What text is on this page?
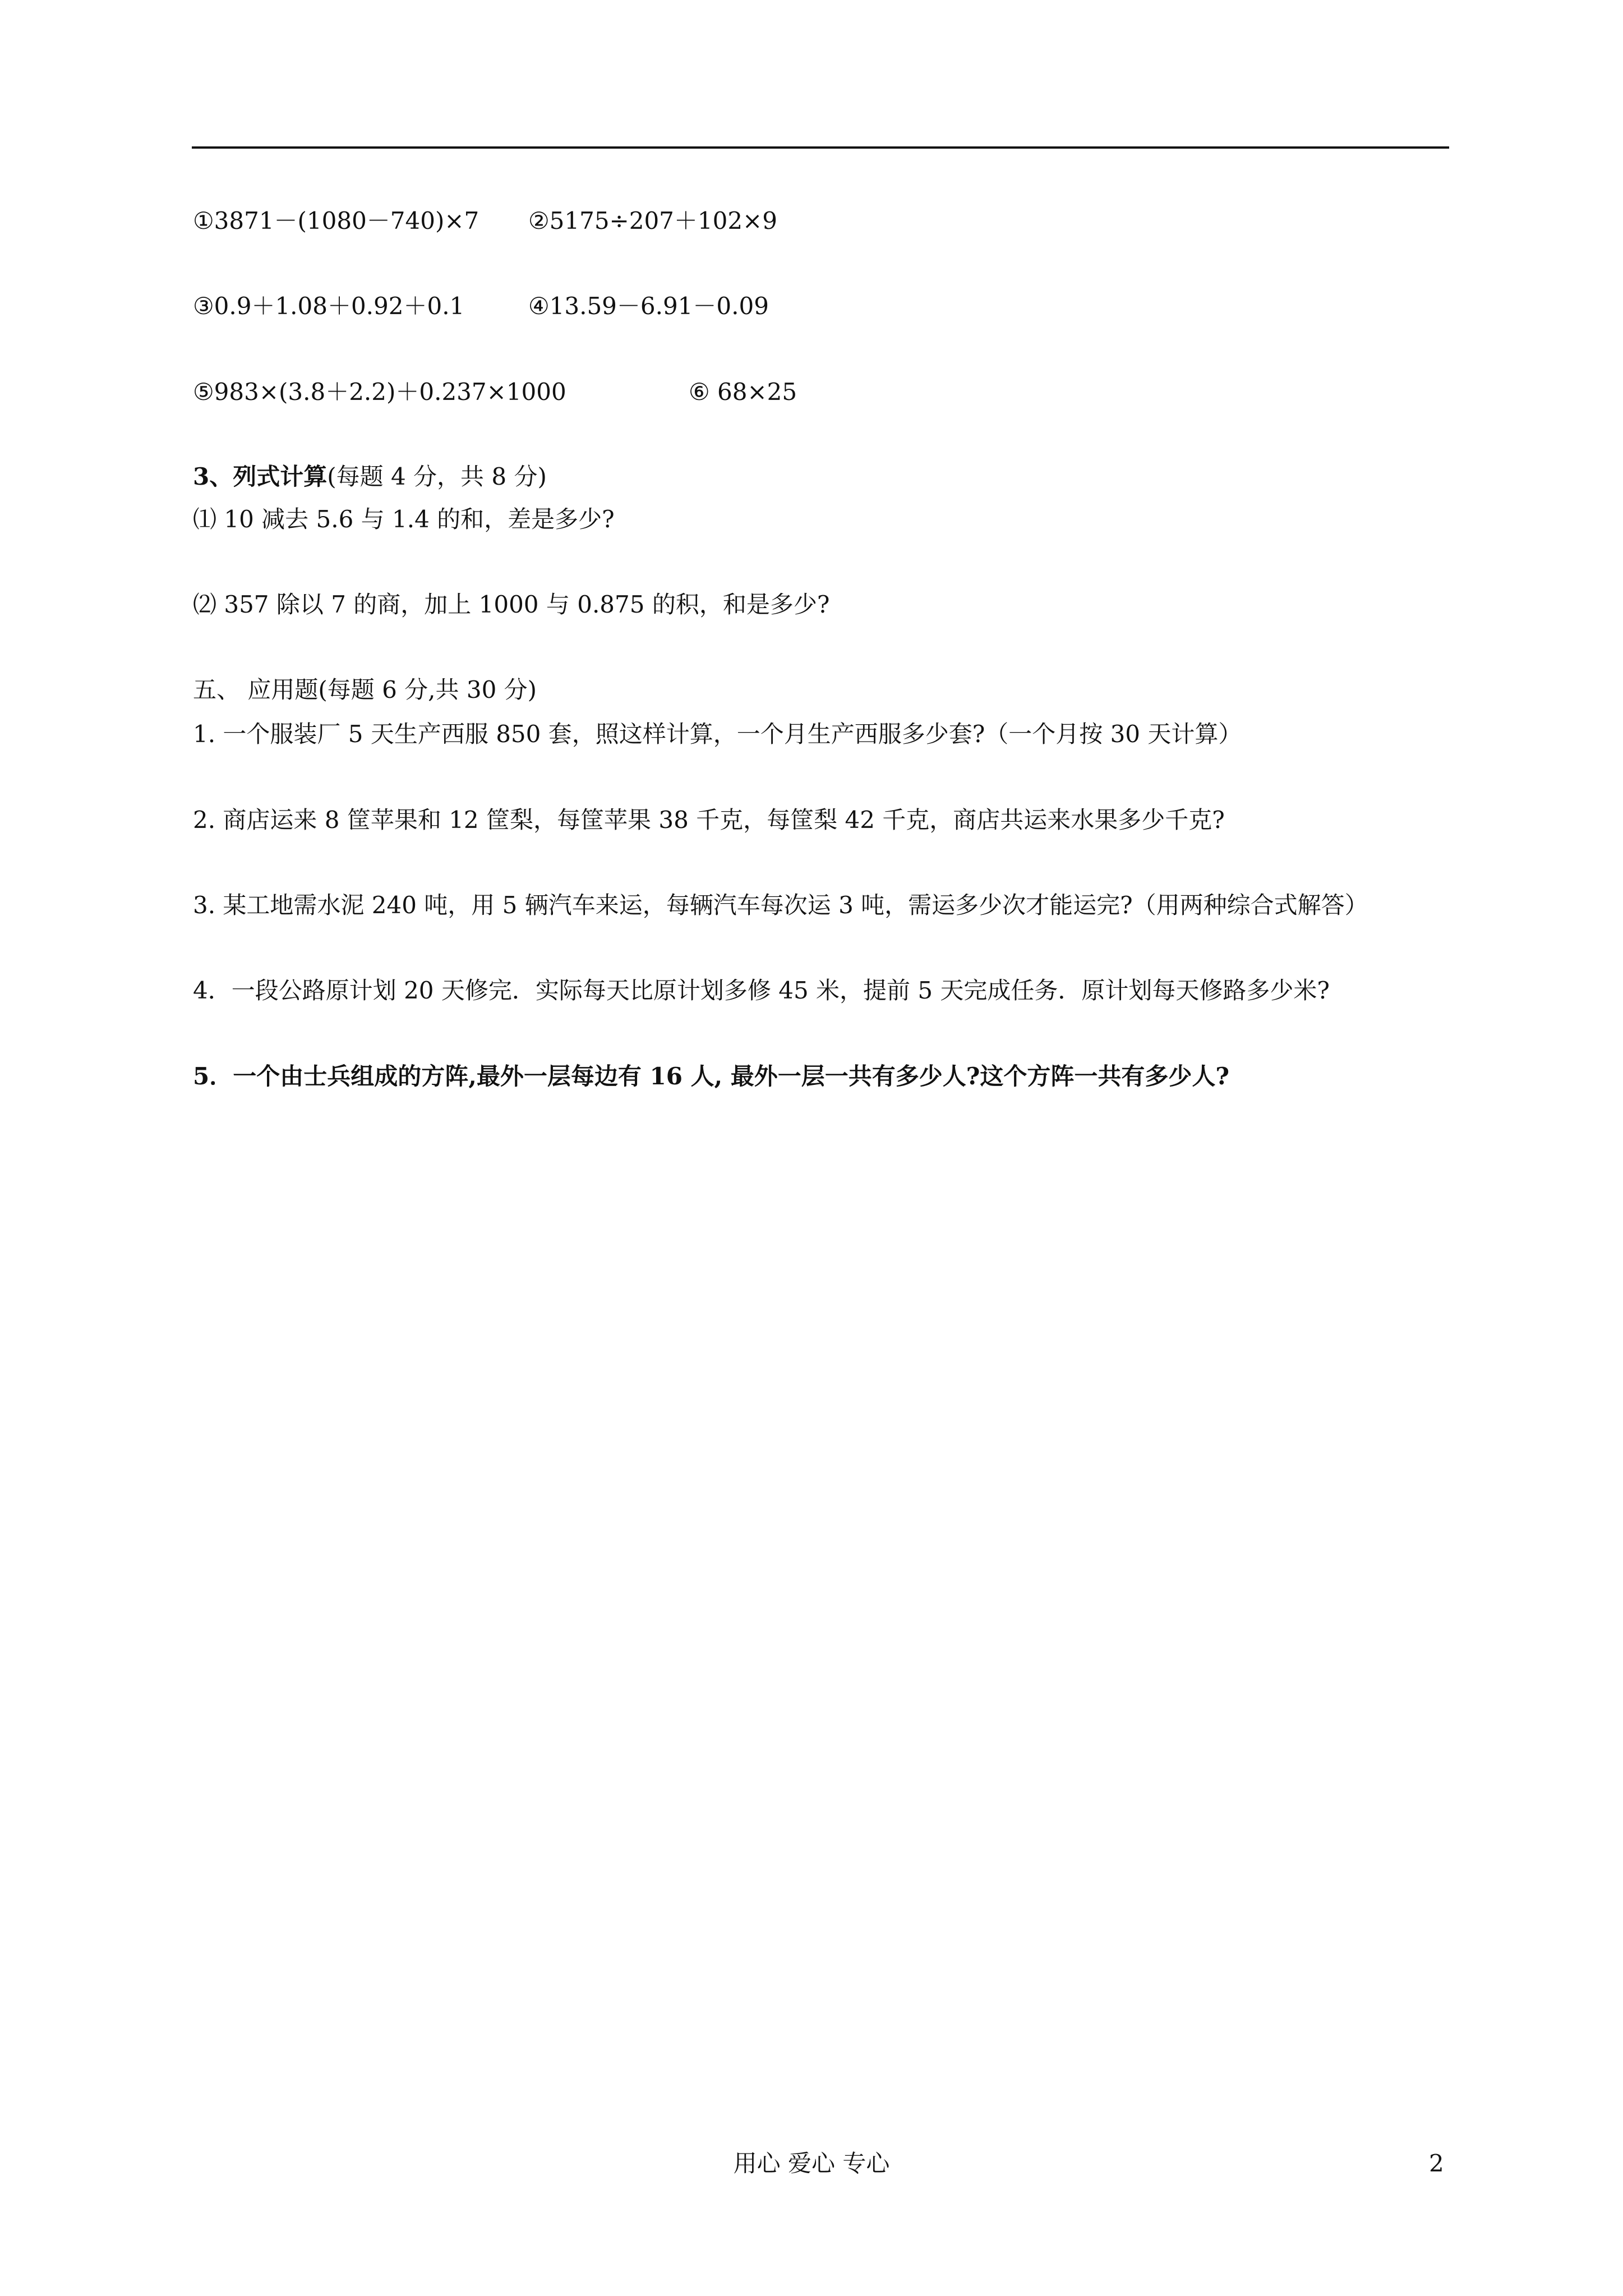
①3871－(1080－740)×7 ②5175÷207＋102×9
③0.9＋1.08＋0.92＋0.1	④13.59－6.91－0.09
⑤983×(3.8＋2.2)＋0.237×1000	⑥ 68×25
3、列式计算(每题 4 分，共 8 分)
⑴ 10 减去 5.6 与 1.4 的和，差是多少?
⑵ 357 除以 7 的商，加上 1000 与 0.875 的积，和是多少?
五、 应用题(每题 6 分,共 30 分)
1. 一个服装厂 5 天生产西服 850 套，照这样计算，一个月生产西服多少套?（一个月按 30 天计算）
2. 商店运来 8 筐苹果和 12 筐梨，每筐苹果 38 千克，每筐梨 42 千克，商店共运来水果多少千克?
3. 某工地需水泥 240 吨，用 5 辆汽车来运，每辆汽车每次运 3 吨，需运多少次才能运完?（用两种综合式解答）
4．一段公路原计划 20 天修完．实际每天比原计划多修 45 米，提前 5 天完成任务．原计划每天修路多少米?
5．一个由士兵组成的方阵,最外一层每边有 16 人, 最外一层一共有多少人?这个方阵一共有多少人?
用心 爱心 专心	2
